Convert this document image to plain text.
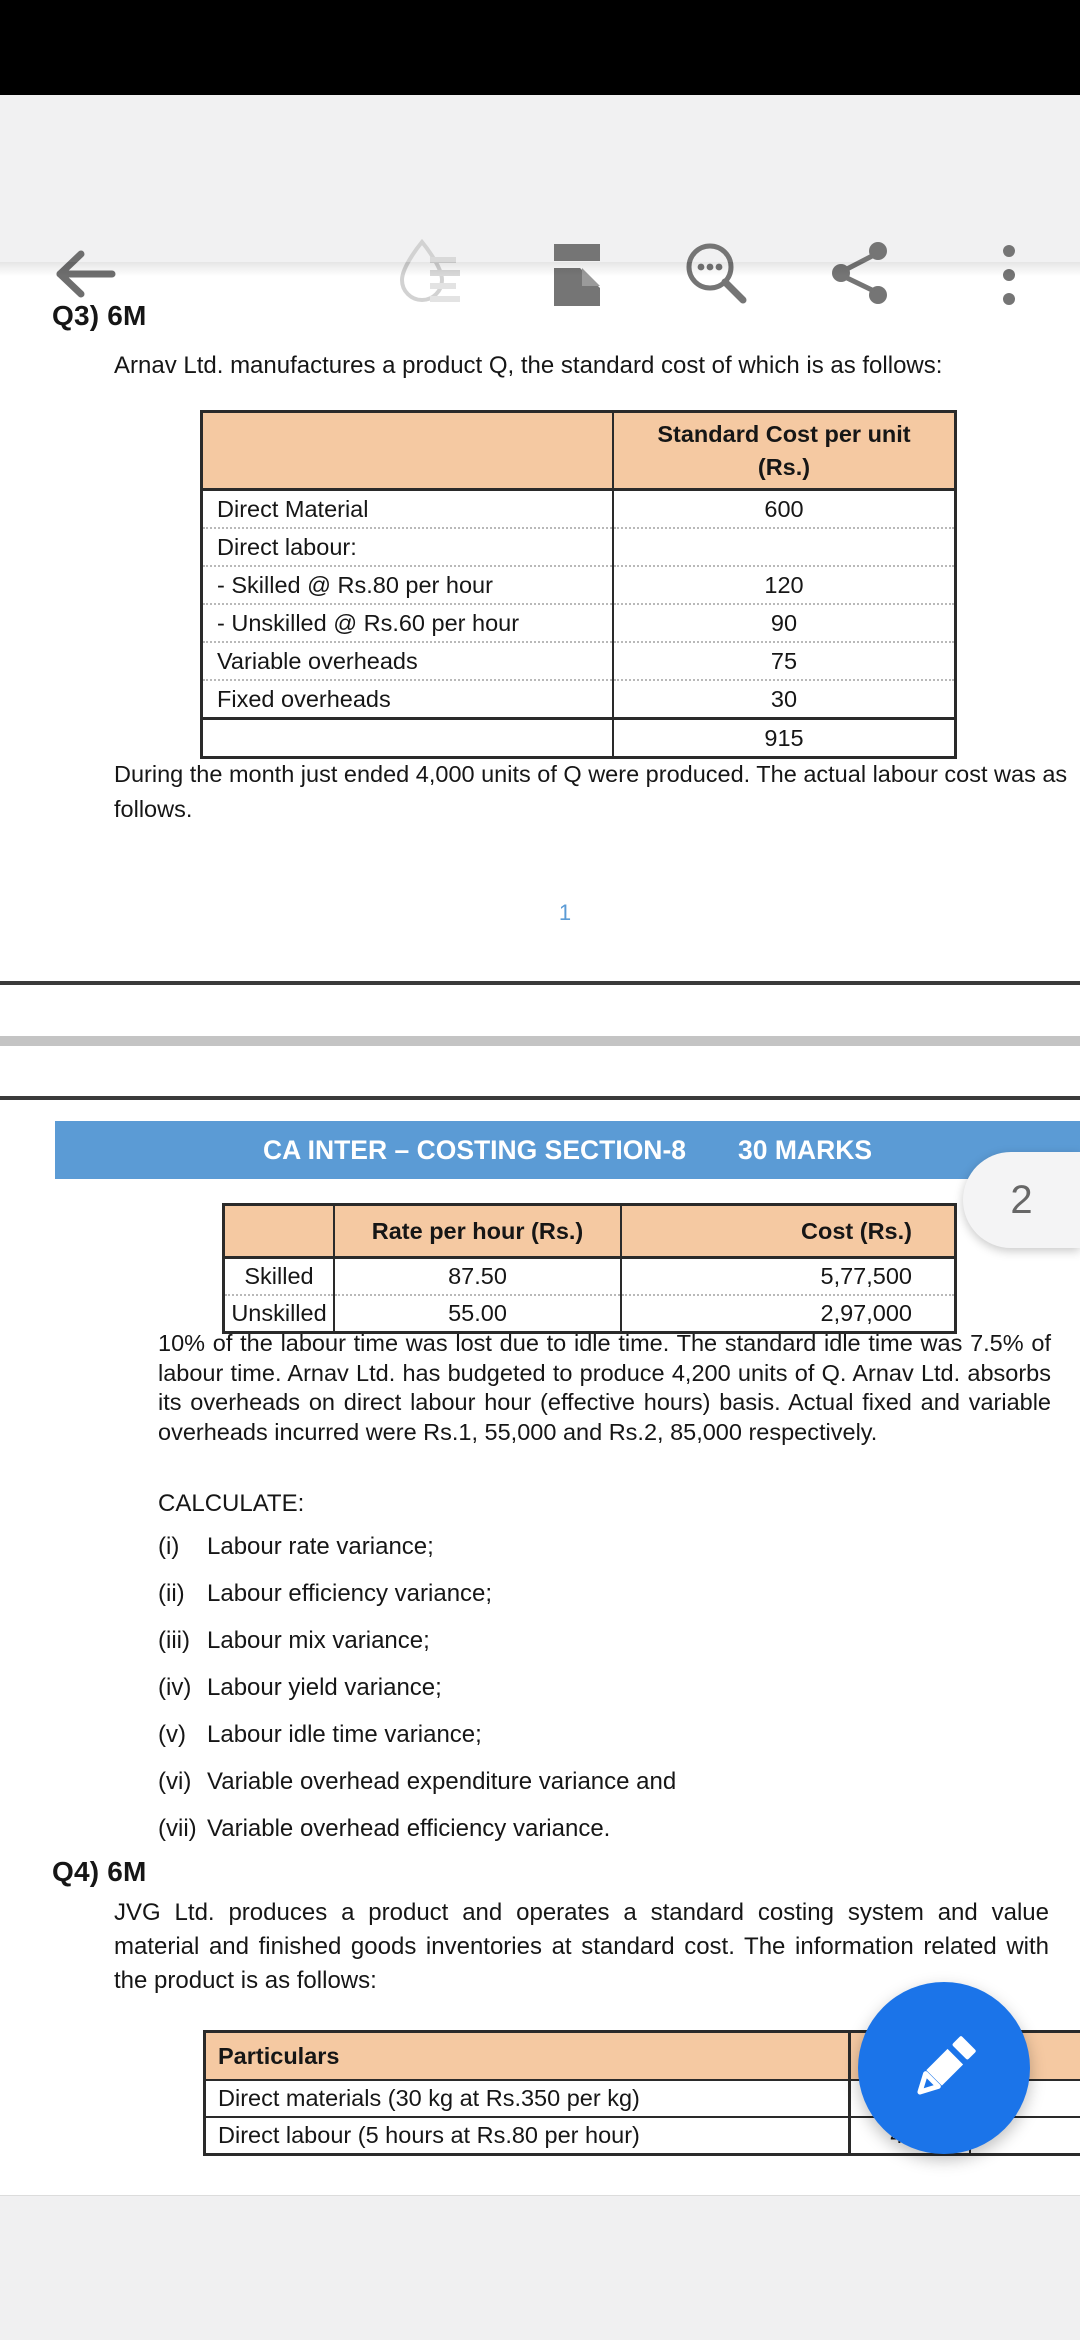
Q3) 6M
Arnav Ltd. manufactures a product Q, the standard cost of which is as follows:

	Standard Cost per unit
(Rs.)

Direct Material	600
Direct labour:	
- Skilled @ Rs.80 per hour	120
- Unskilled @ Rs.60 per hour	90
Variable overheads	75
Fixed overheads	30
	915
During the month just ended 4,000 units of Q were produced. The actual labour cost was as follows.
1
CA INTER – COSTING SECTION-8 30 MARKS
2
	Rate per hour (Rs.)	Cost (Rs.)
Skilled	87.50	5,77,500
Unskilled	55.00	2,97,000
10% of the labour time was lost due to idle time. The standard idle time was 7.5% of labour time. Arnav Ltd. has budgeted to produce 4,200 units of Q. Arnav Ltd. absorbs its overheads on direct labour hour (effective hours) basis. Actual fixed and variable overheads incurred were Rs.1, 55,000 and Rs.2, 85,000 respectively.
CALCULATE:
(i) Labour rate variance;
(ii) Labour efficiency variance;
(iii) Labour mix variance;
(iv) Labour yield variance;
(v) Labour idle time variance;
(vi) Variable overhead expenditure variance and
(vii) Variable overhead efficiency variance.
Q4) 6M
JVG Ltd. produces a product and operates a standard costing system and value material and finished goods inventories at standard cost. The information related with the product is as follows:
Particulars	
Direct materials (30 kg at Rs.350 per kg)		
Direct labour (5 hours at Rs.80 per hour)		
